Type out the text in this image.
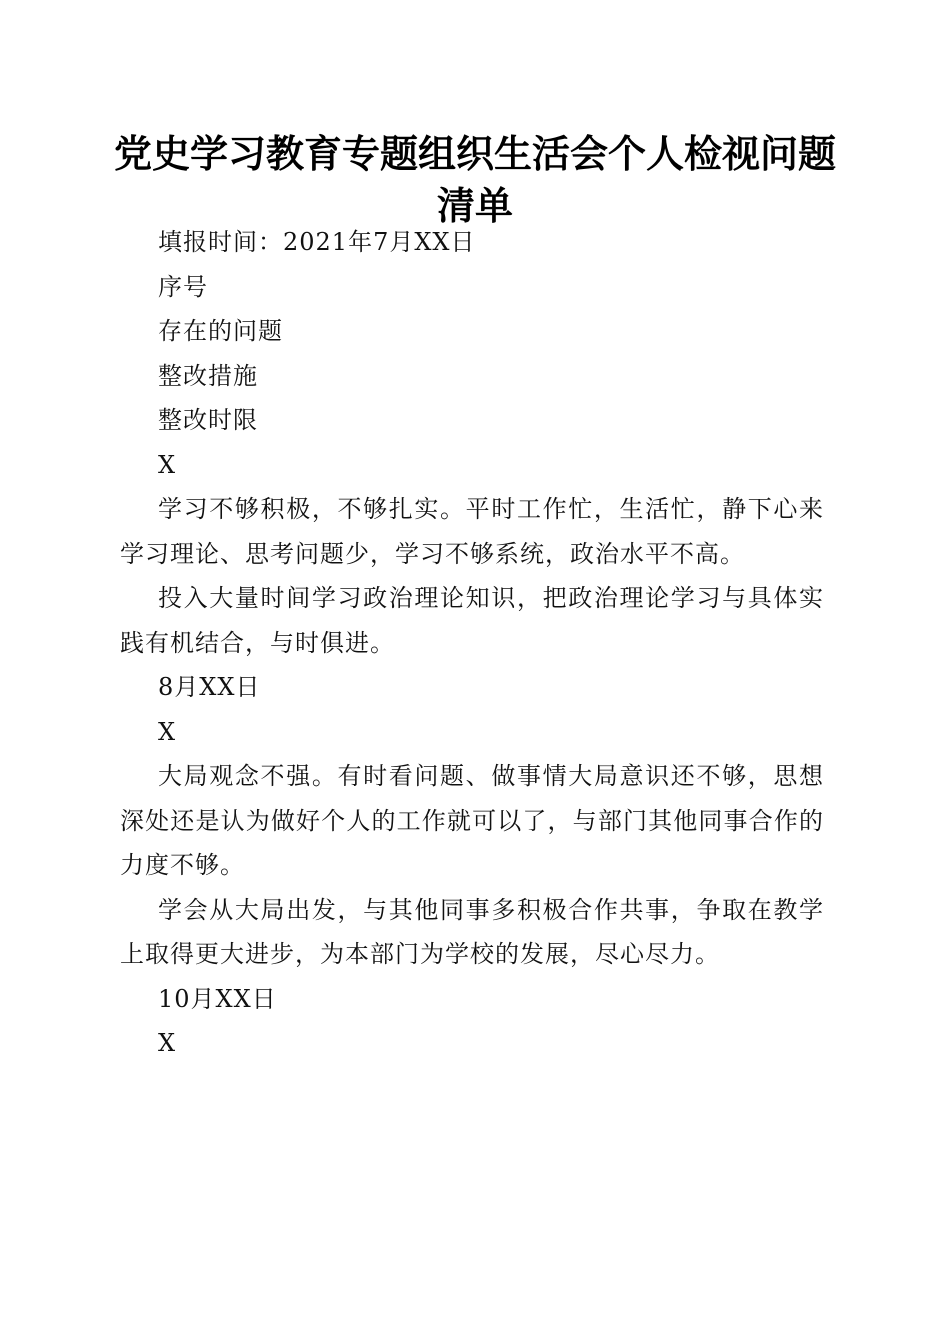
党史学习教育专题组织生活会个人检视问题清单

填报时间：2021年7月XX日

序号

存在的问题

整改措施

整改时限

X

学习不够积极，不够扎实。平时工作忙，生活忙，静下心来学习理论、思考问题少，学习不够系统，政治水平不高。

投入大量时间学习政治理论知识，把政治理论学习与具体实践有机结合，与时俱进。

8月XX日

X

大局观念不强。有时看问题、做事情大局意识还不够，思想深处还是认为做好个人的工作就可以了，与部门其他同事合作的力度不够。

学会从大局出发，与其他同事多积极合作共事，争取在教学上取得更大进步，为本部门为学校的发展，尽心尽力。

10月XX日

X
